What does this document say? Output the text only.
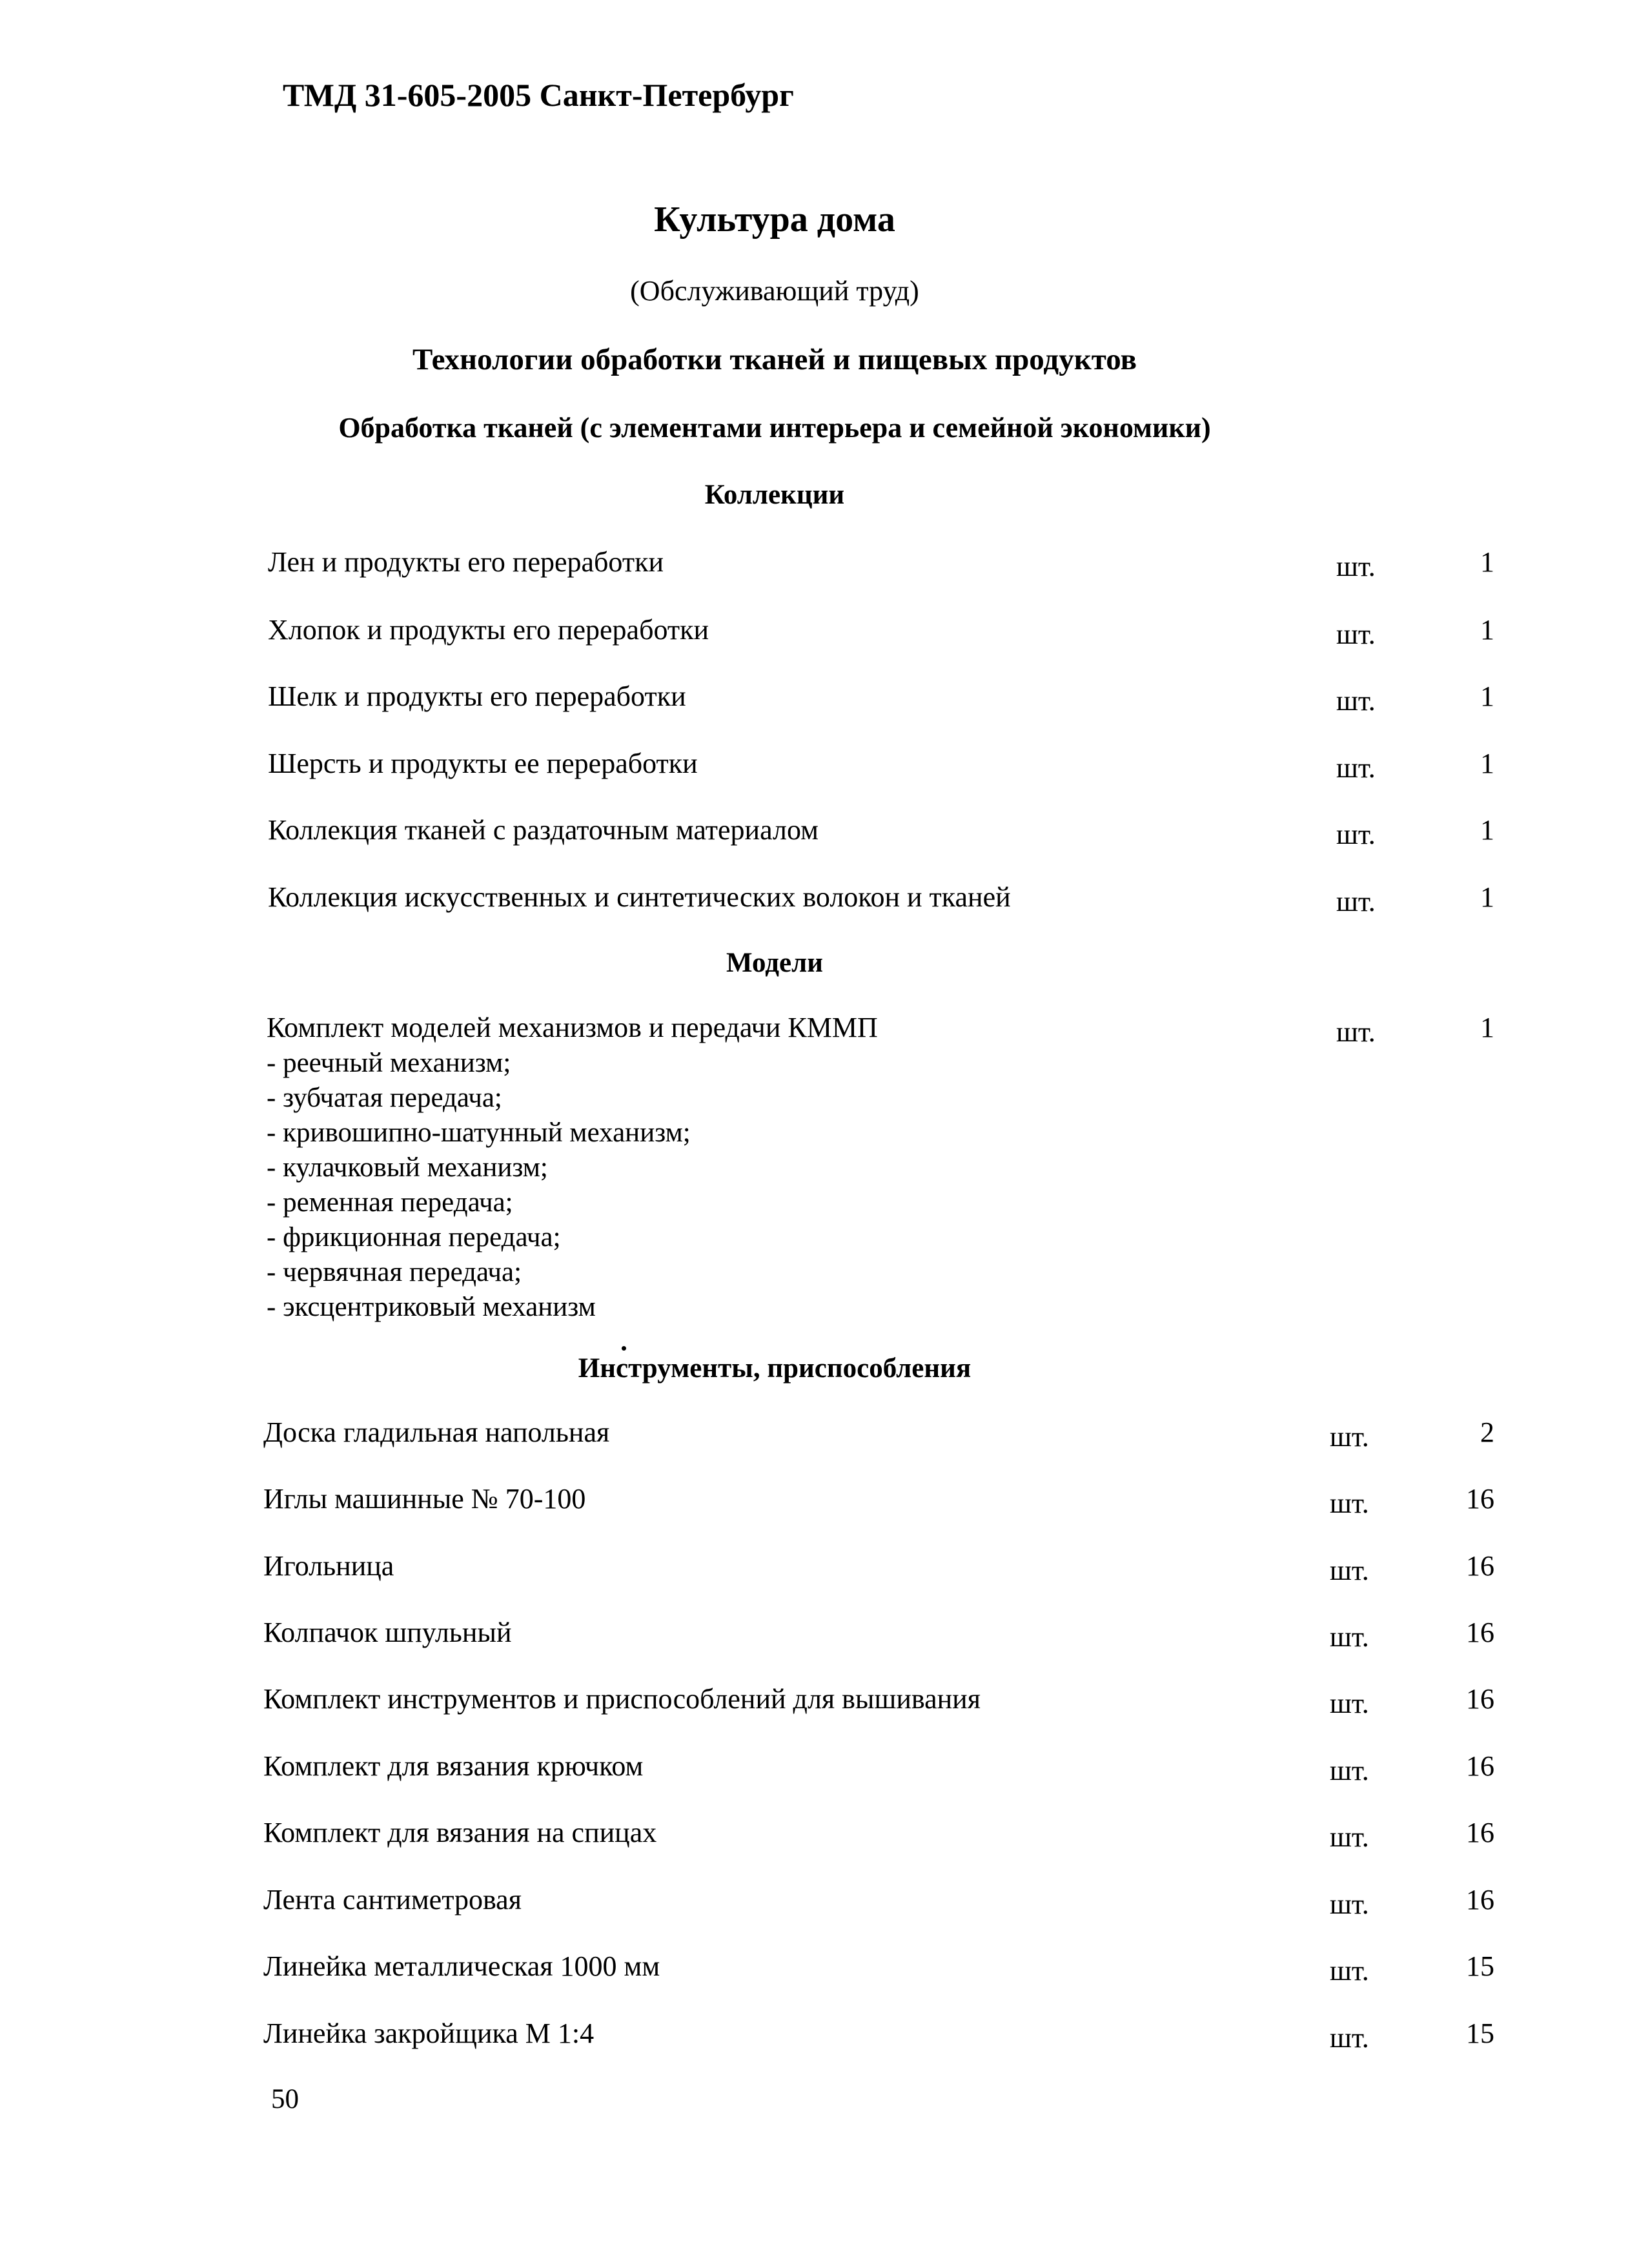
ТМД 31-605-2005 Санкт-Петербург
Культура дома
(Обслуживающий труд)
Технологии обработки тканей и пищевых продуктов
Обработка тканей (с элементами интерьера и семейной экономики)
Коллекции
Лен и продукты его переработки	шт.	1
Хлопок и продукты его переработки	шт.	1
Шелк и продукты его переработки	шт.	1
Шерсть и продукты ее переработки	шт.	1
Коллекция тканей с раздаточным материалом	шт.	1
Коллекция искусственных и синтетических волокон и тканей	шт.	1
Модели
Комплект моделей механизмов и передачи КММП	шт.	1
- реечный механизм;
- зубчатая передача;
- кривошипно-шатунный механизм;
- кулачковый механизм;
- ременная передача;
- фрикционная передача;
- червячная передача;
- эксцентриковый механизм
Инструменты, приспособления
Доска гладильная напольная	шт.	2
Иглы машинные № 70-100	шт.	16
Игольница	шт.	16
Колпачок шпульный	шт.	16
Комплект инструментов и приспособлений для вышивания	шт.	16
Комплект для вязания крючком	шт.	16
Комплект для вязания на спицах	шт.	16
Лента сантиметровая	шт.	16
Линейка металлическая 1000 мм	шт.	15
Линейка закройщика М 1:4	шт.	15
50
